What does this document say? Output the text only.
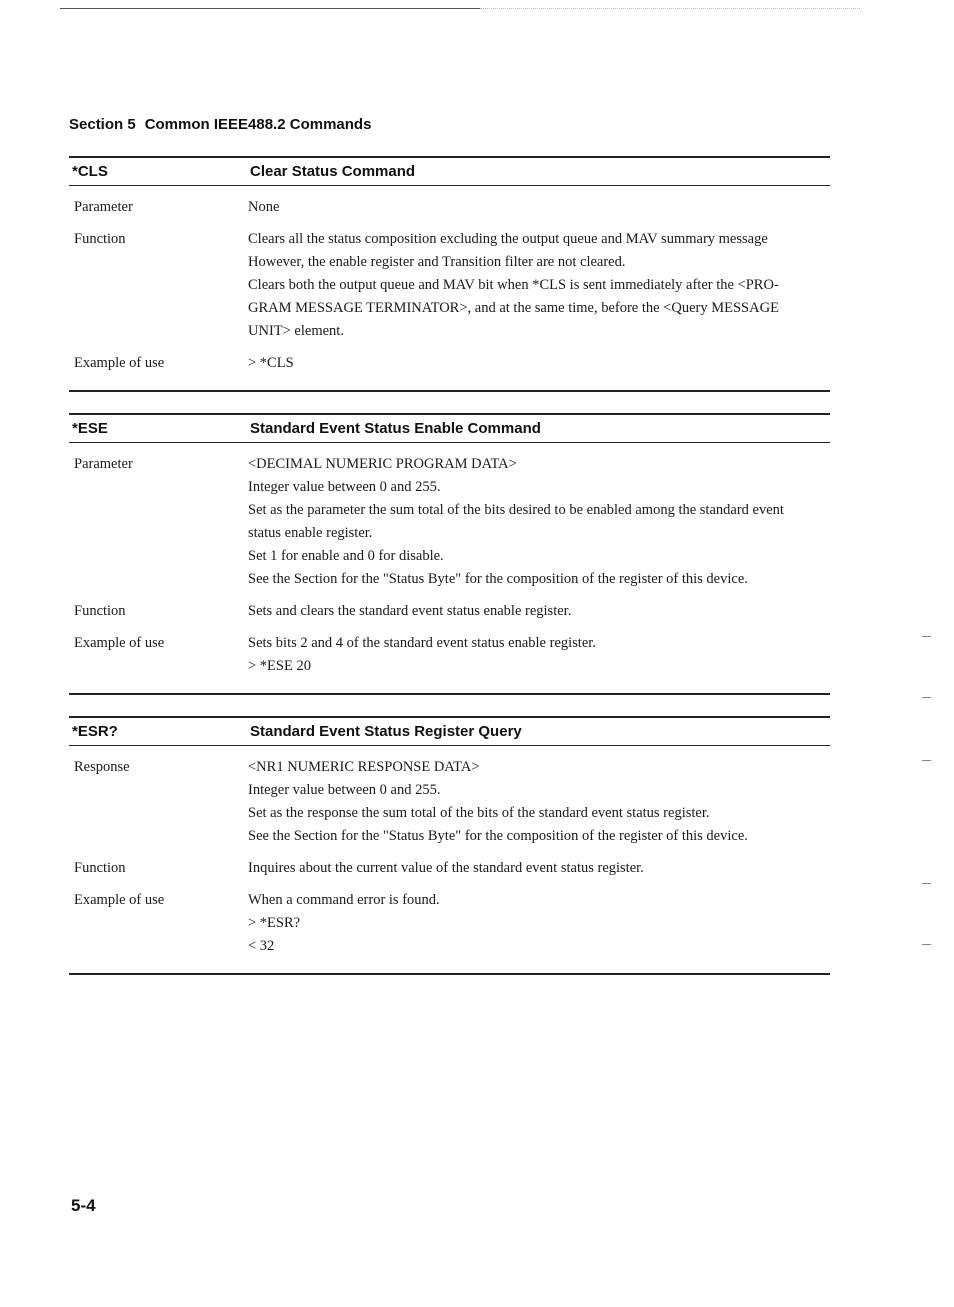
Section 5 Common IEEE488.2 Commands
*CLS	Clear Status Command
Parameter	None
Function	Clears all the status composition excluding the output queue and MAV summary message
However, the enable register and Transition filter are not cleared.
Clears both the output queue and MAV bit when *CLS is sent immediately after the <PRO-
GRAM MESSAGE TERMINATOR>, and at the same time, before the <Query MESSAGE
UNIT> element.
Example of use	> *CLS
*ESE	Standard Event Status Enable Command
Parameter	<DECIMAL NUMERIC PROGRAM DATA>
Integer value between 0 and 255.
Set as the parameter the sum total of the bits desired to be enabled among the standard event
status enable register.
Set 1 for enable and 0 for disable.
See the Section for the "Status Byte" for the composition of the register of this device.
Function	Sets and clears the standard event status enable register.
Example of use	Sets bits 2 and 4 of the standard event status enable register.
> *ESE 20
*ESR?	Standard Event Status Register Query
Response	<NR1 NUMERIC RESPONSE DATA>
Integer value between 0 and 255.
Set as the response the sum total of the bits of the standard event status register.
See the Section for the "Status Byte" for the composition of the register of this device.
Function	Inquires about the current value of the standard event status register.
Example of use	When a command error is found.
> *ESR?
< 32
5-4
